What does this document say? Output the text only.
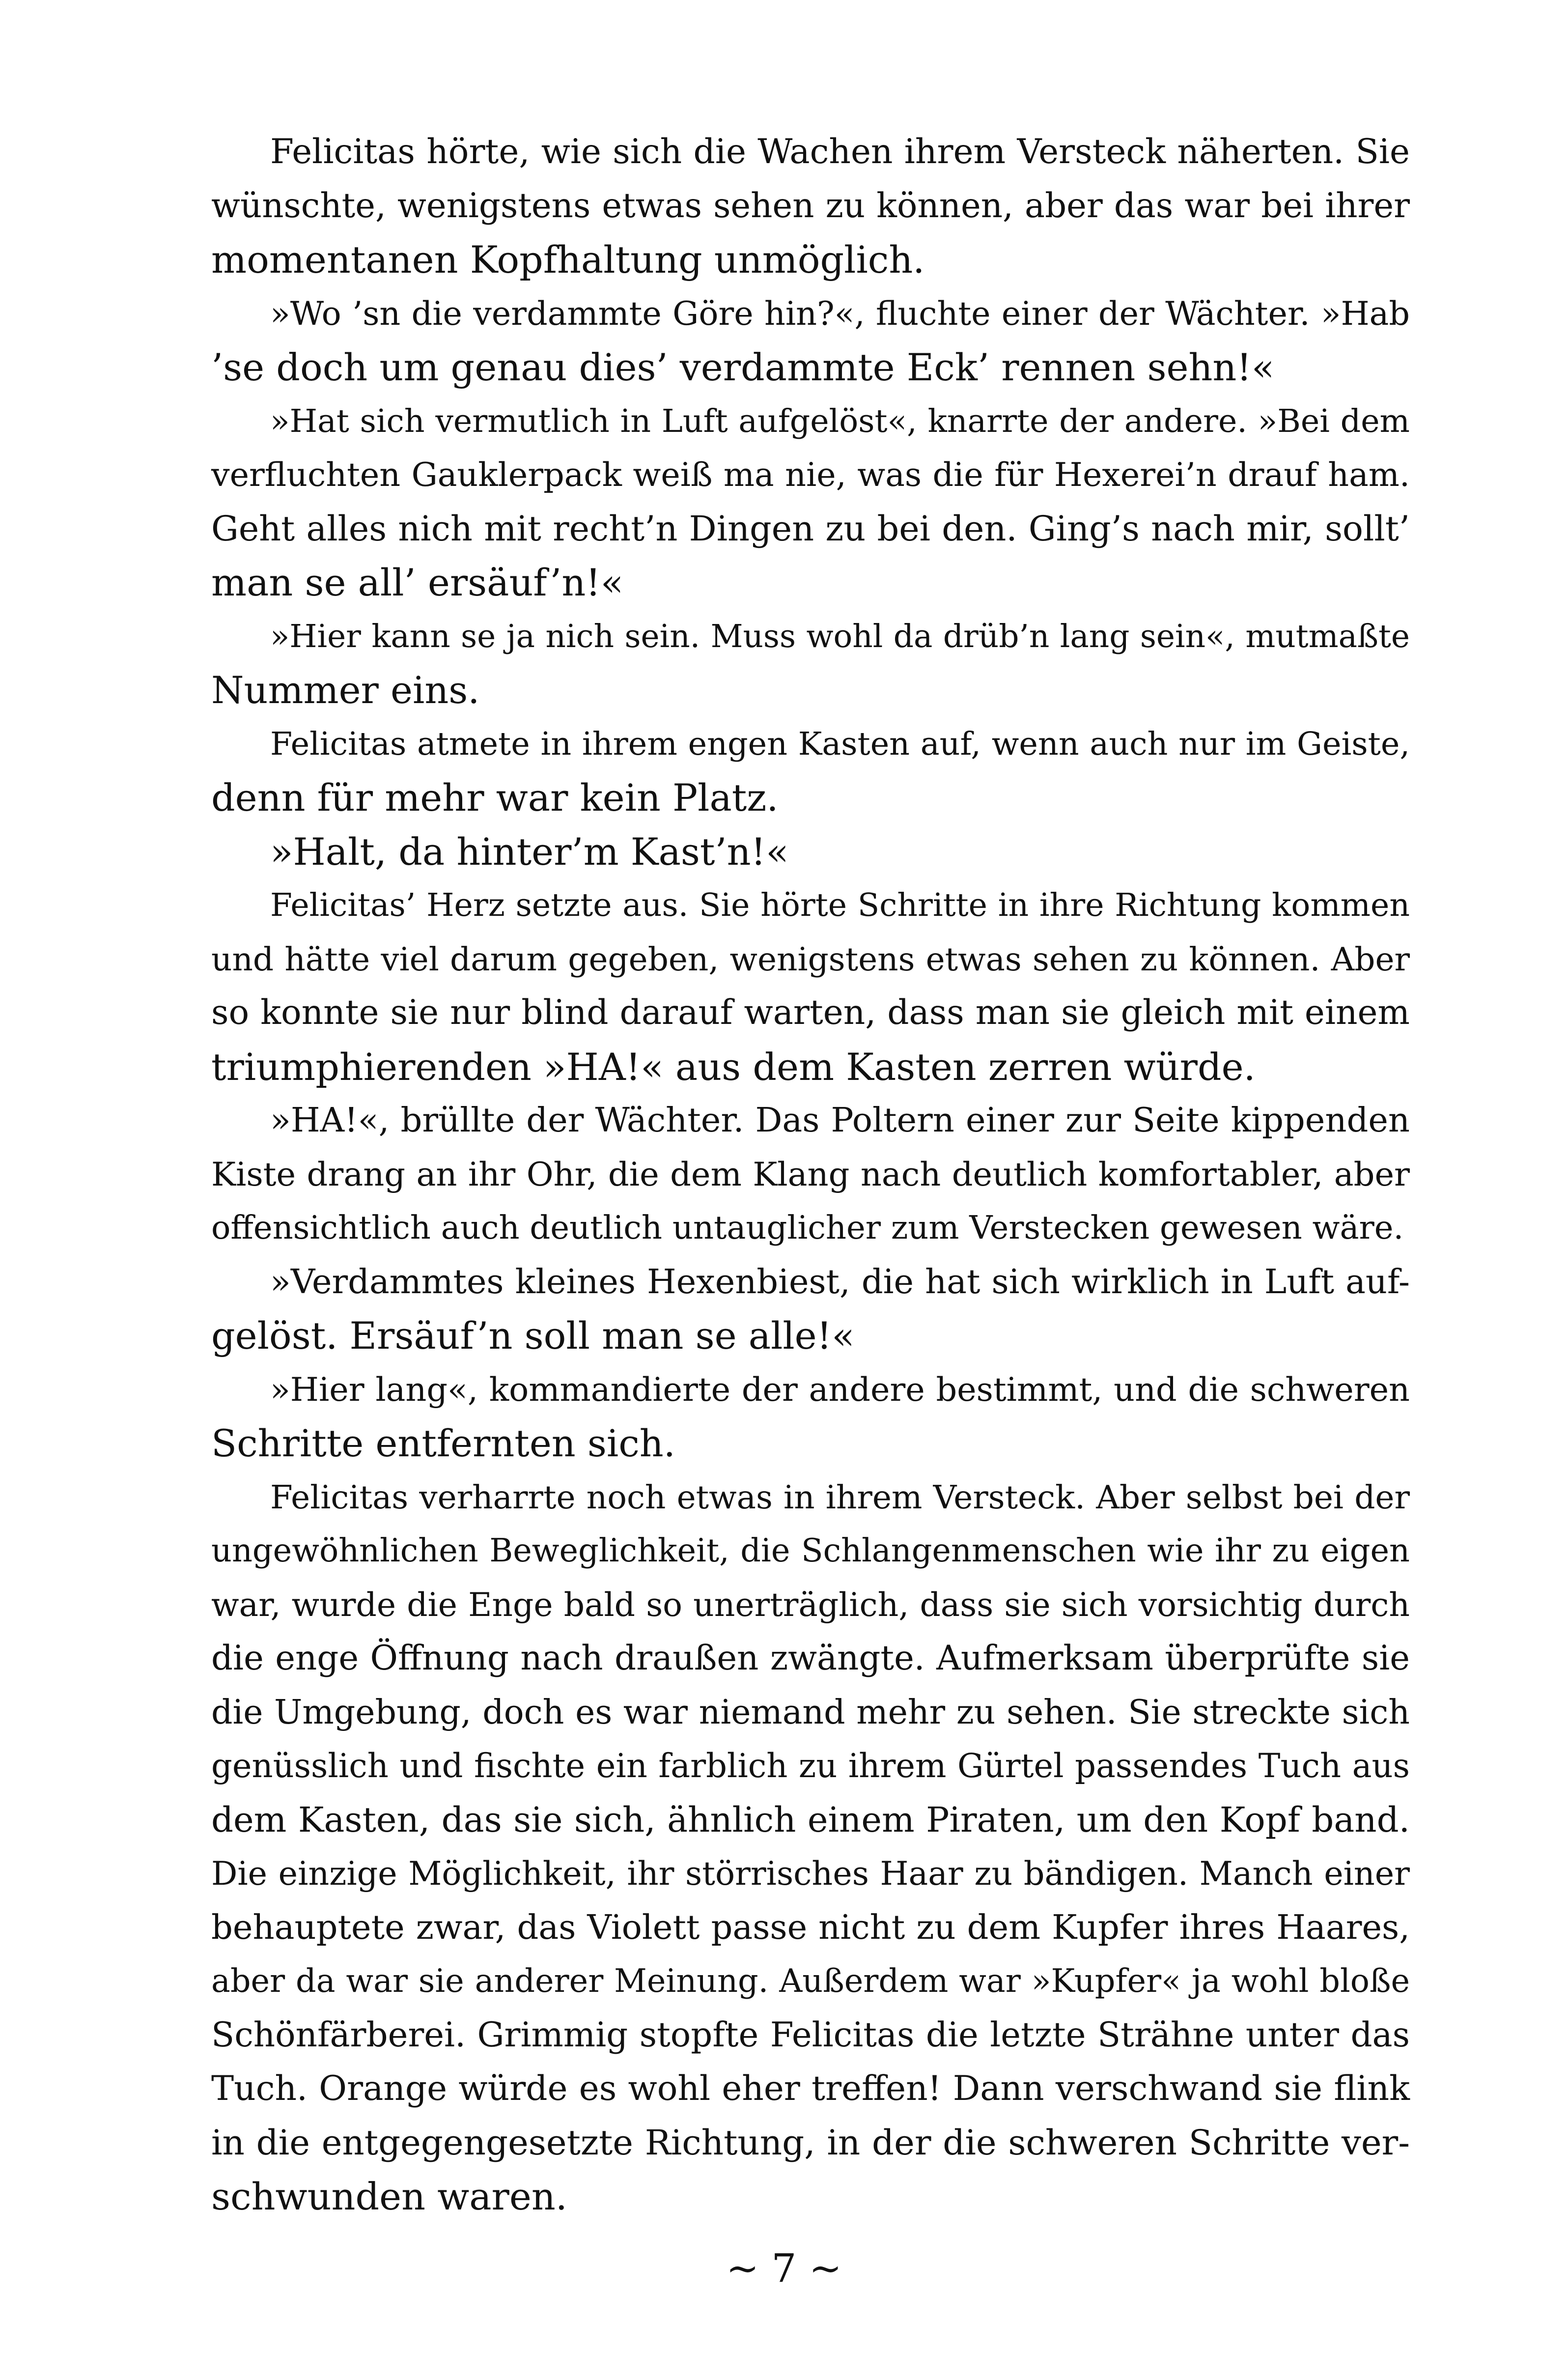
Felicitas hörte, wie sich die Wachen ihrem Versteck näherten. Sie
wünschte, wenigstens etwas sehen zu können, aber das war bei ihrer
momentanen Kopfhaltung unmöglich.
»Wo ’sn die verdammte Göre hin?«, fluchte einer der Wächter. »Hab
’se doch um genau dies’ verdammte Eck’ rennen sehn!«
»Hat sich vermutlich in Luft aufgelöst«, knarrte der andere. »Bei dem
verfluchten Gauklerpack weiß ma nie, was die für Hexerei’n drauf ham.
Geht alles nich mit recht’n Dingen zu bei den. Ging’s nach mir, sollt’
man se all’ ersäuf’n!«
»Hier kann se ja nich sein. Muss wohl da drüb’n lang sein«, mutmaßte
Nummer eins.
Felicitas atmete in ihrem engen Kasten auf, wenn auch nur im Geiste,
denn für mehr war kein Platz.
»Halt, da hinter’m Kast’n!«
Felicitas’ Herz setzte aus. Sie hörte Schritte in ihre Richtung kommen
und hätte viel darum gegeben, wenigstens etwas sehen zu können. Aber
so konnte sie nur blind darauf warten, dass man sie gleich mit einem
triumphierenden »HA!« aus dem Kasten zerren würde.
»HA!«, brüllte der Wächter. Das Poltern einer zur Seite kippenden
Kiste drang an ihr Ohr, die dem Klang nach deutlich komfortabler, aber
offensichtlich auch deutlich untauglicher zum Verstecken gewesen wäre.
»Verdammtes kleines Hexenbiest, die hat sich wirklich in Luft auf-
gelöst. Ersäuf’n soll man se alle!«
»Hier lang«, kommandierte der andere bestimmt, und die schweren
Schritte entfernten sich.
Felicitas verharrte noch etwas in ihrem Versteck. Aber selbst bei der
ungewöhnlichen Beweglichkeit, die Schlangenmenschen wie ihr zu eigen
war, wurde die Enge bald so unerträglich, dass sie sich vorsichtig durch
die enge Öffnung nach draußen zwängte. Aufmerksam überprüfte sie
die Umgebung, doch es war niemand mehr zu sehen. Sie streckte sich
genüsslich und fischte ein farblich zu ihrem Gürtel passendes Tuch aus
dem Kasten, das sie sich, ähnlich einem Piraten, um den Kopf band.
Die einzige Möglichkeit, ihr störrisches Haar zu bändigen. Manch einer
behauptete zwar, das Violett passe nicht zu dem Kupfer ihres Haares,
aber da war sie anderer Meinung. Außerdem war »Kupfer« ja wohl bloße
Schönfärberei. Grimmig stopfte Felicitas die letzte Strähne unter das
Tuch. Orange würde es wohl eher treffen! Dann verschwand sie flink
in die entgegengesetzte Richtung, in der die schweren Schritte ver-
schwunden waren.
~ 7 ~
